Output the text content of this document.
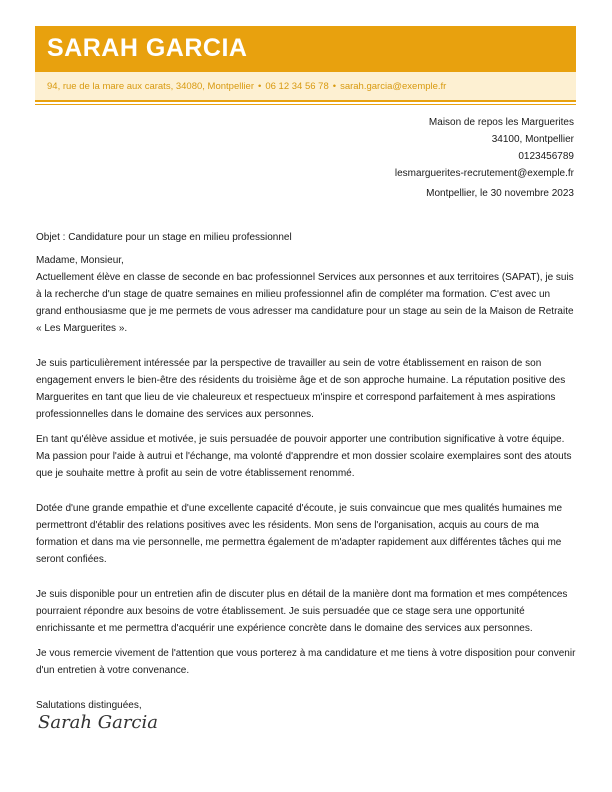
SARAH GARCIA
94, rue de la mare aux carats, 34080, Montpellier • 06 12 34 56 78 • sarah.garcia@exemple.fr
Maison de repos les Marguerites
34100, Montpellier
0123456789
lesmarguerites-recrutement@exemple.fr
Montpellier, le 30 novembre 2023

Objet : Candidature pour un stage en milieu professionnel

Madame, Monsieur,

Actuellement élève en classe de seconde en bac professionnel Services aux personnes et aux territoires (SAPAT), je suis à la recherche d'un stage de quatre semaines en milieu professionnel afin de compléter ma formation. C'est avec un grand enthousiasme que je me permets de vous adresser ma candidature pour un stage au sein de la Maison de Retraite « Les Marguerites ».

Je suis particulièrement intéressée par la perspective de travailler au sein de votre établissement en raison de son engagement envers le bien-être des résidents du troisième âge et de son approche humaine. La réputation positive des Marguerites en tant que lieu de vie chaleureux et respectueux m'inspire et correspond parfaitement à mes aspirations professionnelles dans le domaine des services aux personnes.

En tant qu'élève assidue et motivée, je suis persuadée de pouvoir apporter une contribution significative à votre équipe. Ma passion pour l'aide à autrui et l'échange, ma volonté d'apprendre et mon dossier scolaire exemplaires sont des atouts que je souhaite mettre à profit au sein de votre établissement renommé.

Dotée d'une grande empathie et d'une excellente capacité d'écoute, je suis convaincue que mes qualités humaines me permettront d'établir des relations positives avec les résidents. Mon sens de l'organisation, acquis au cours de ma formation et dans ma vie personnelle, me permettra également de m'adapter rapidement aux différentes tâches qui me seront confiées.

Je suis disponible pour un entretien afin de discuter plus en détail de la manière dont ma formation et mes compétences pourraient répondre aux besoins de votre établissement. Je suis persuadée que ce stage sera une opportunité enrichissante et me permettra d'acquérir une expérience concrète dans le domaine des services aux personnes.

Je vous remercie vivement de l'attention que vous porterez à ma candidature et me tiens à votre disposition pour convenir d'un entretien à votre convenance.

Salutations distinguées,

Sarah Garcia
